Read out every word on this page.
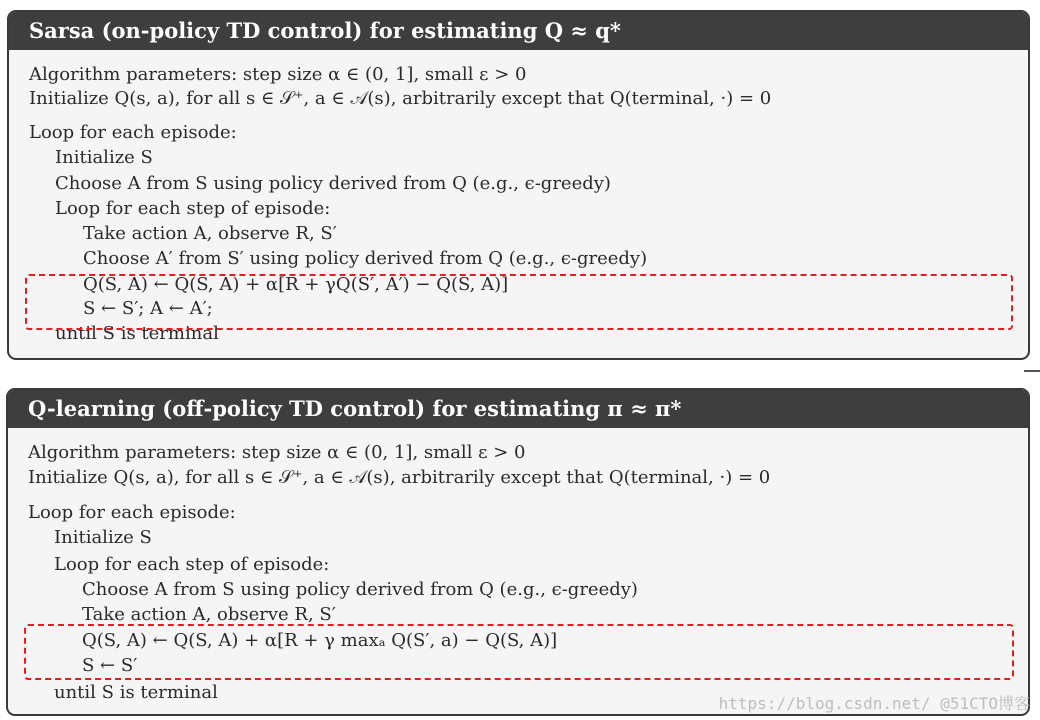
Sarsa (on-policy TD control) for estimating Q ≈ q*
Algorithm parameters: step size α ∈ (0, 1], small ε > 0
Initialize Q(s, a), for all s ∈ 𝒮⁺, a ∈ 𝒜(s), arbitrarily except that Q(terminal, ·) = 0
Loop for each episode:
Initialize S
Choose A from S using policy derived from Q (e.g., ϵ-greedy)
Loop for each step of episode:
Take action A, observe R, S′
Choose A′ from S′ using policy derived from Q (e.g., ϵ-greedy)
Q(S, A) ← Q(S, A) + α[R + γQ(S′, A′) − Q(S, A)]
S ← S′; A ← A′;
until S is terminal
Q-learning (off-policy TD control) for estimating π ≈ π*
Algorithm parameters: step size α ∈ (0, 1], small ε > 0
Initialize Q(s, a), for all s ∈ 𝒮⁺, a ∈ 𝒜(s), arbitrarily except that Q(terminal, ·) = 0
Loop for each episode:
Initialize S
Loop for each step of episode:
Choose A from S using policy derived from Q (e.g., ϵ-greedy)
Take action A, observe R, S′
Q(S, A) ← Q(S, A) + α[R + γ maxₐ Q(S′, a) − Q(S, A)]
S ← S′
until S is terminal
https://blog.csdn.net/ @51CTO博客
